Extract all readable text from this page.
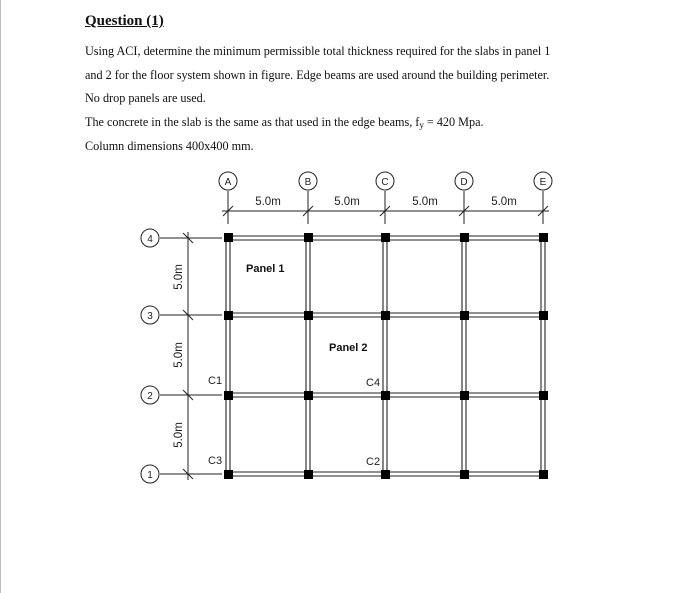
Question (1)
Using ACI, determine the minimum permissible total thickness required for the slabs in panel 1
and 2 for the floor system shown in figure. Edge beams are used around the building perimeter.
No drop panels are used.
The concrete in the slab is the same as that used in the edge beams, $f_y = 420$ Mpa.
Column dimensions 400x400 mm.
A	B	C	D	E
5.0m	5.0m	5.0m	5.0m
4
3
2
1
5.0m
5.0m
5.0m
Panel 1
Panel 2
C1
C3
C4
C2
